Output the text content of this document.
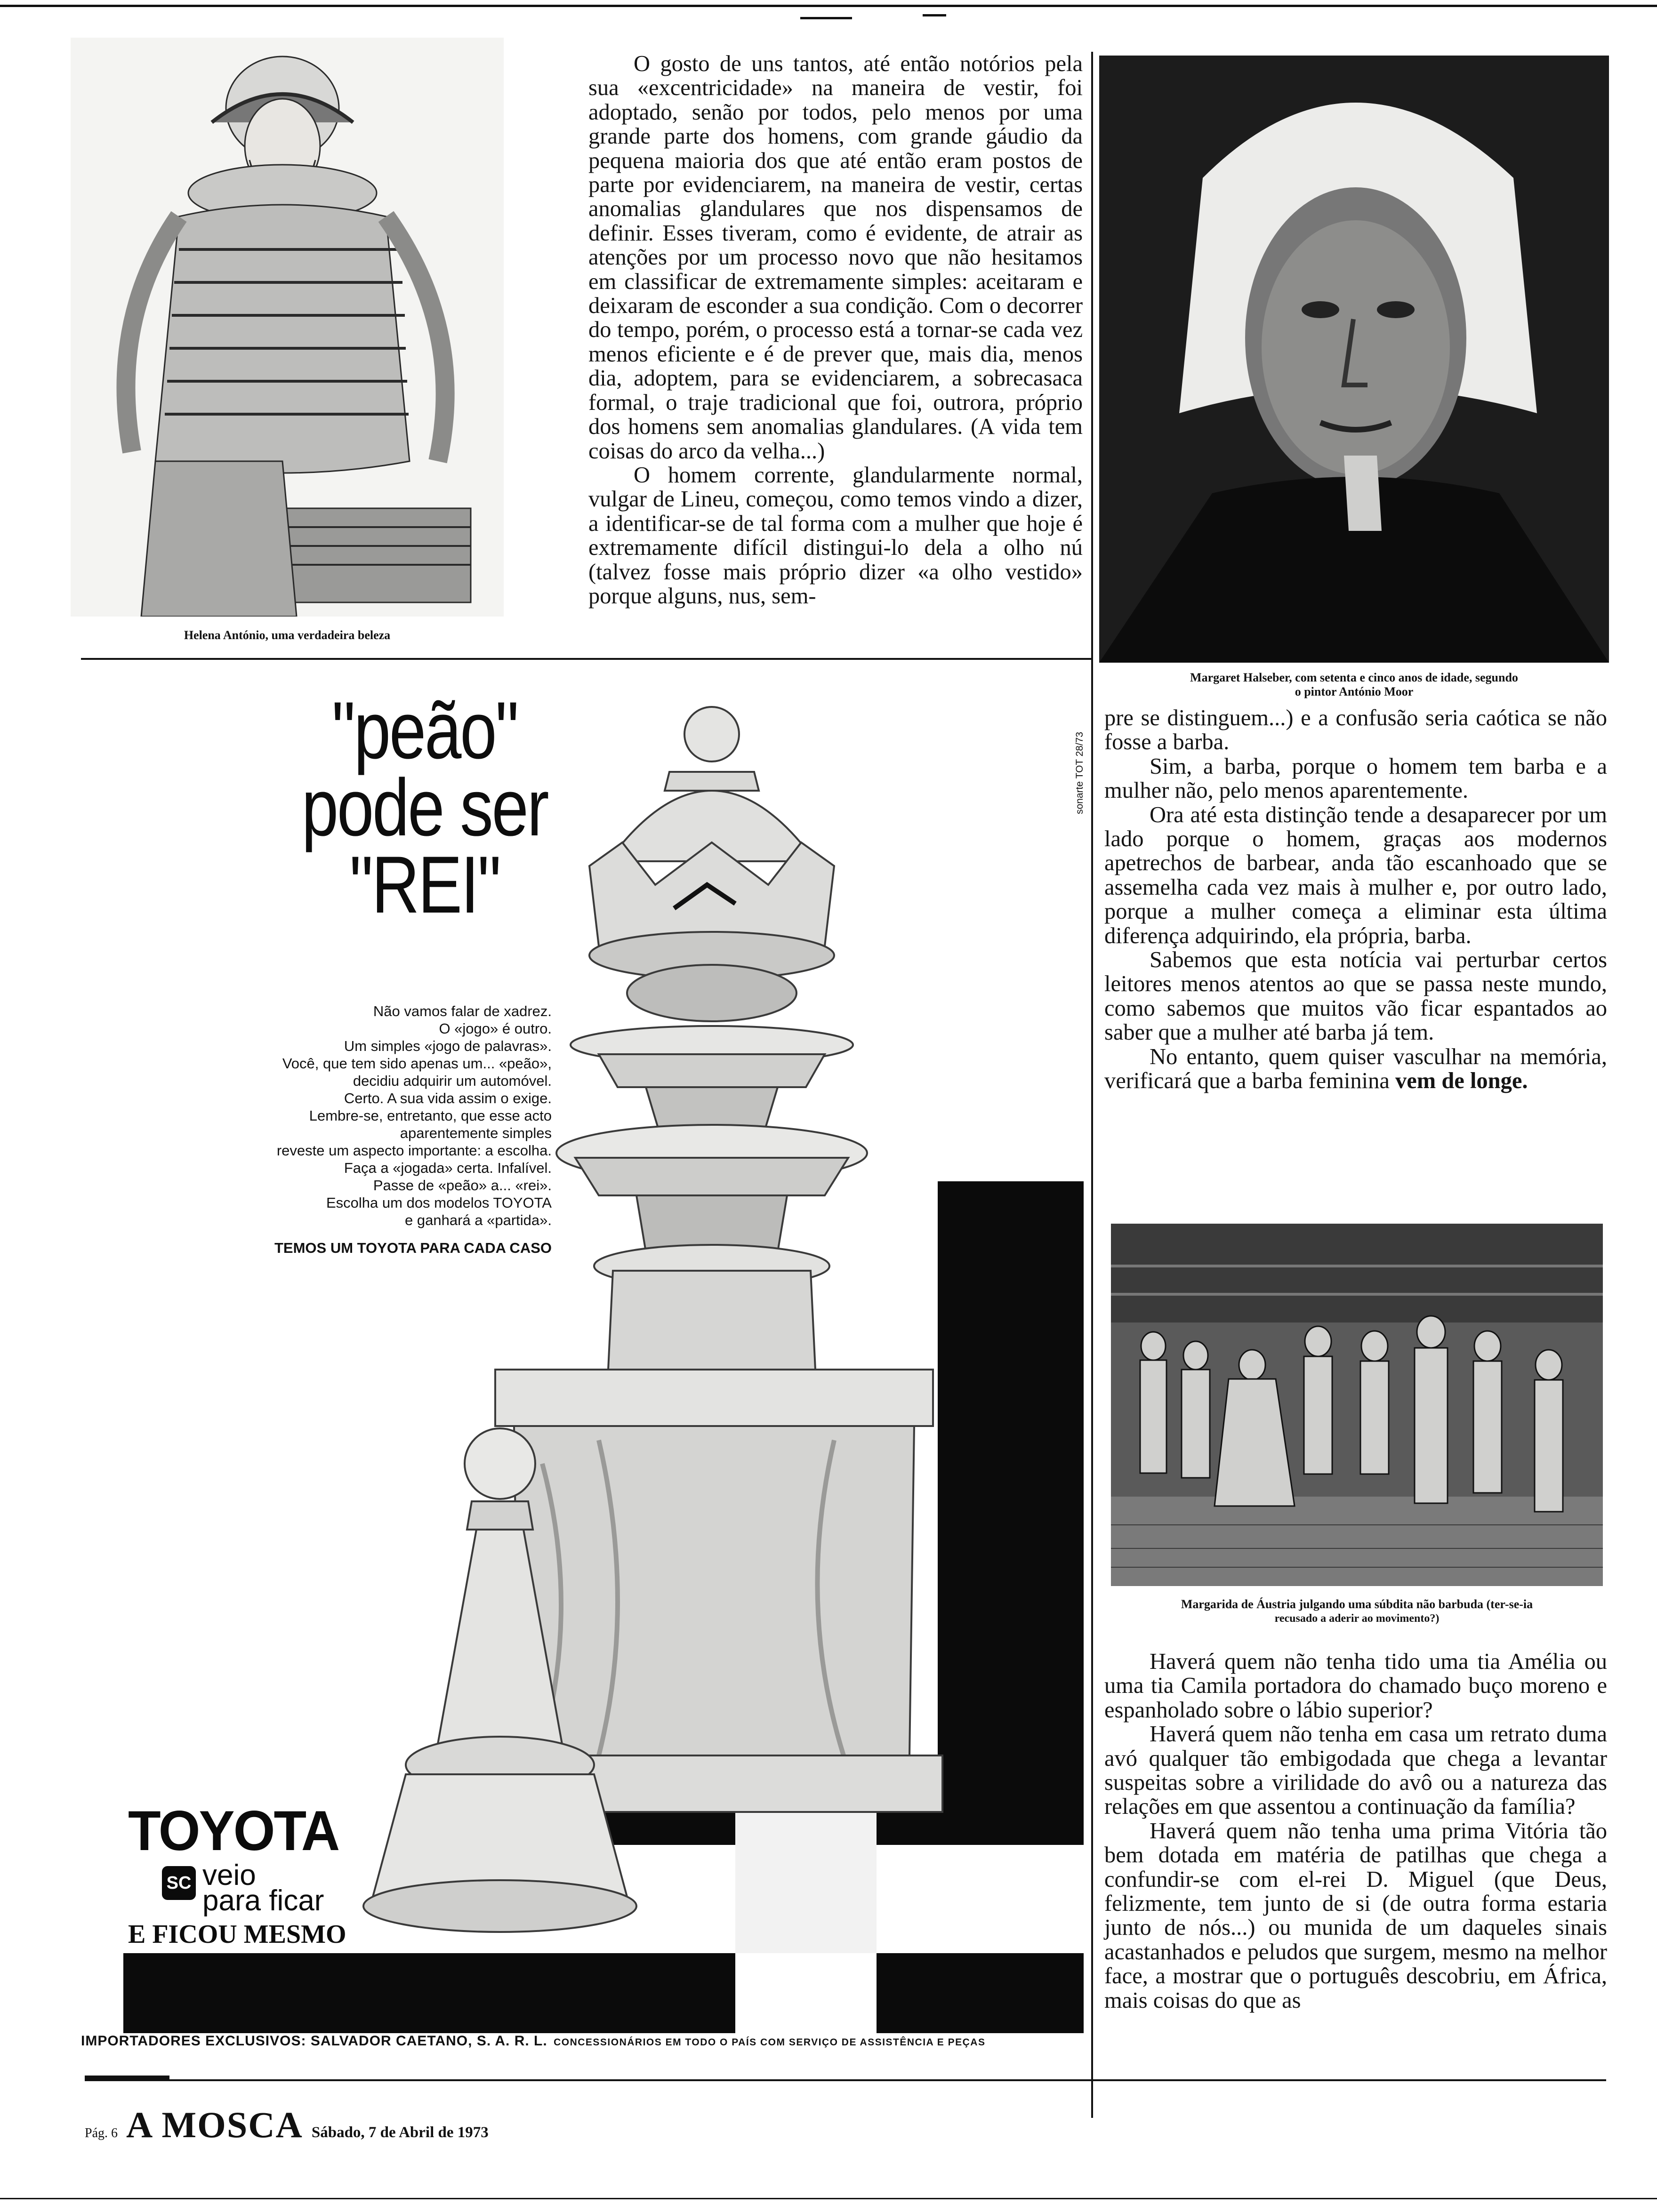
Helena António, uma verdadeira beleza

O gosto de uns tantos, até então notórios pela sua «excentricidade» na maneira de vestir, foi adoptado, senão por todos, pelo menos por uma grande parte dos homens, com grande gáudio da pequena maioria dos que até então eram postos de parte por evidenciarem, na maneira de vestir, certas anomalias glandulares que nos dispensamos de definir. Esses tiveram, como é evidente, de atrair as atenções por um processo novo que não hesitamos em classificar de extremamente simples: aceitaram e deixaram de esconder a sua condição. Com o decorrer do tempo, porém, o processo está a tornar-se cada vez menos eficiente e é de prever que, mais dia, menos dia, adoptem, para se evidenciarem, a sobrecasaca formal, o traje tradicional que foi, outrora, próprio dos homens sem anomalias glandulares. (A vida tem coisas do arco da velha...)

O homem corrente, glandularmente normal, vulgar de Lineu, começou, como temos vindo a dizer, a identificar-se de tal forma com a mulher que hoje é extremamente difícil distingui-lo dela a olho nú (talvez fosse mais próprio dizer «a olho vestido» porque alguns, nus, sem-

Margaret Halseber, com setenta e cinco anos de idade, segundo
o pintor António Moor

pre se distinguem...) e a confusão seria caótica se não fosse a barba.

Sim, a barba, porque o homem tem barba e a mulher não, pelo menos aparentemente.

Ora até esta distinção tende a desaparecer por um lado porque o homem, graças aos modernos apetrechos de barbear, anda tão escanhoado que se assemelha cada vez mais à mulher e, por outro lado, porque a mulher começa a eliminar esta última diferença adquirindo, ela própria, barba.

Sabemos que esta notícia vai perturbar certos leitores menos atentos ao que se passa neste mundo, como sabemos que muitos vão ficar espantados ao saber que a mulher até barba já tem.

No entanto, quem quiser vasculhar na memória, verificará que a barba feminina vem de longe.

Margarida de Áustria julgando uma súbdita não barbuda (ter-se-ia
recusado a aderir ao movimento?)

Haverá quem não tenha tido uma tia Amélia ou uma tia Camila portadora do chamado buço moreno e espanholado sobre o lábio superior?

Haverá quem não tenha em casa um retrato duma avó qualquer tão embigodada que chega a levantar suspeitas sobre a virilidade do avô ou a natureza das relações em que assentou a continuação da família?

Haverá quem não tenha uma prima Vitória tão bem dotada em matéria de patilhas que chega a confundir-se com el-rei D. Miguel (que Deus, felizmente, tem junto de si (de outra forma estaria junto de nós...) ou munida de um daqueles sinais acastanhados e peludos que surgem, mesmo na melhor face, a mostrar que o português descobriu, em África, mais coisas do que as

"peão"
pode ser
"REI"
Não vamos falar de xadrez.
O «jogo» é outro.
Um simples «jogo de palavras».
Você, que tem sido apenas um... «peão»,
decidiu adquirir um automóvel.
Certo. A sua vida assim o exige.
Lembre-se, entretanto, que esse acto
aparentemente simples
reveste um aspecto importante: a escolha.
Faça a «jogada» certa. Infalível.
Passe de «peão» a... «rei».
Escolha um dos modelos TOYOTA
e ganhará a «partida».
TEMOS UM TOYOTA PARA CADA CASO
TOYOTA
SC veio
para ficar
E FICOU MESMO
IMPORTADORES EXCLUSIVOS: SALVADOR CAETANO, S. A. R. L. CONCESSIONÁRIOS EM TODO O PAÍS COM SERVIÇO DE ASSISTÊNCIA E PEÇAS
sonarte TOT 28/73
Pág. 6 A MOSCA Sábado, 7 de Abril de 1973
